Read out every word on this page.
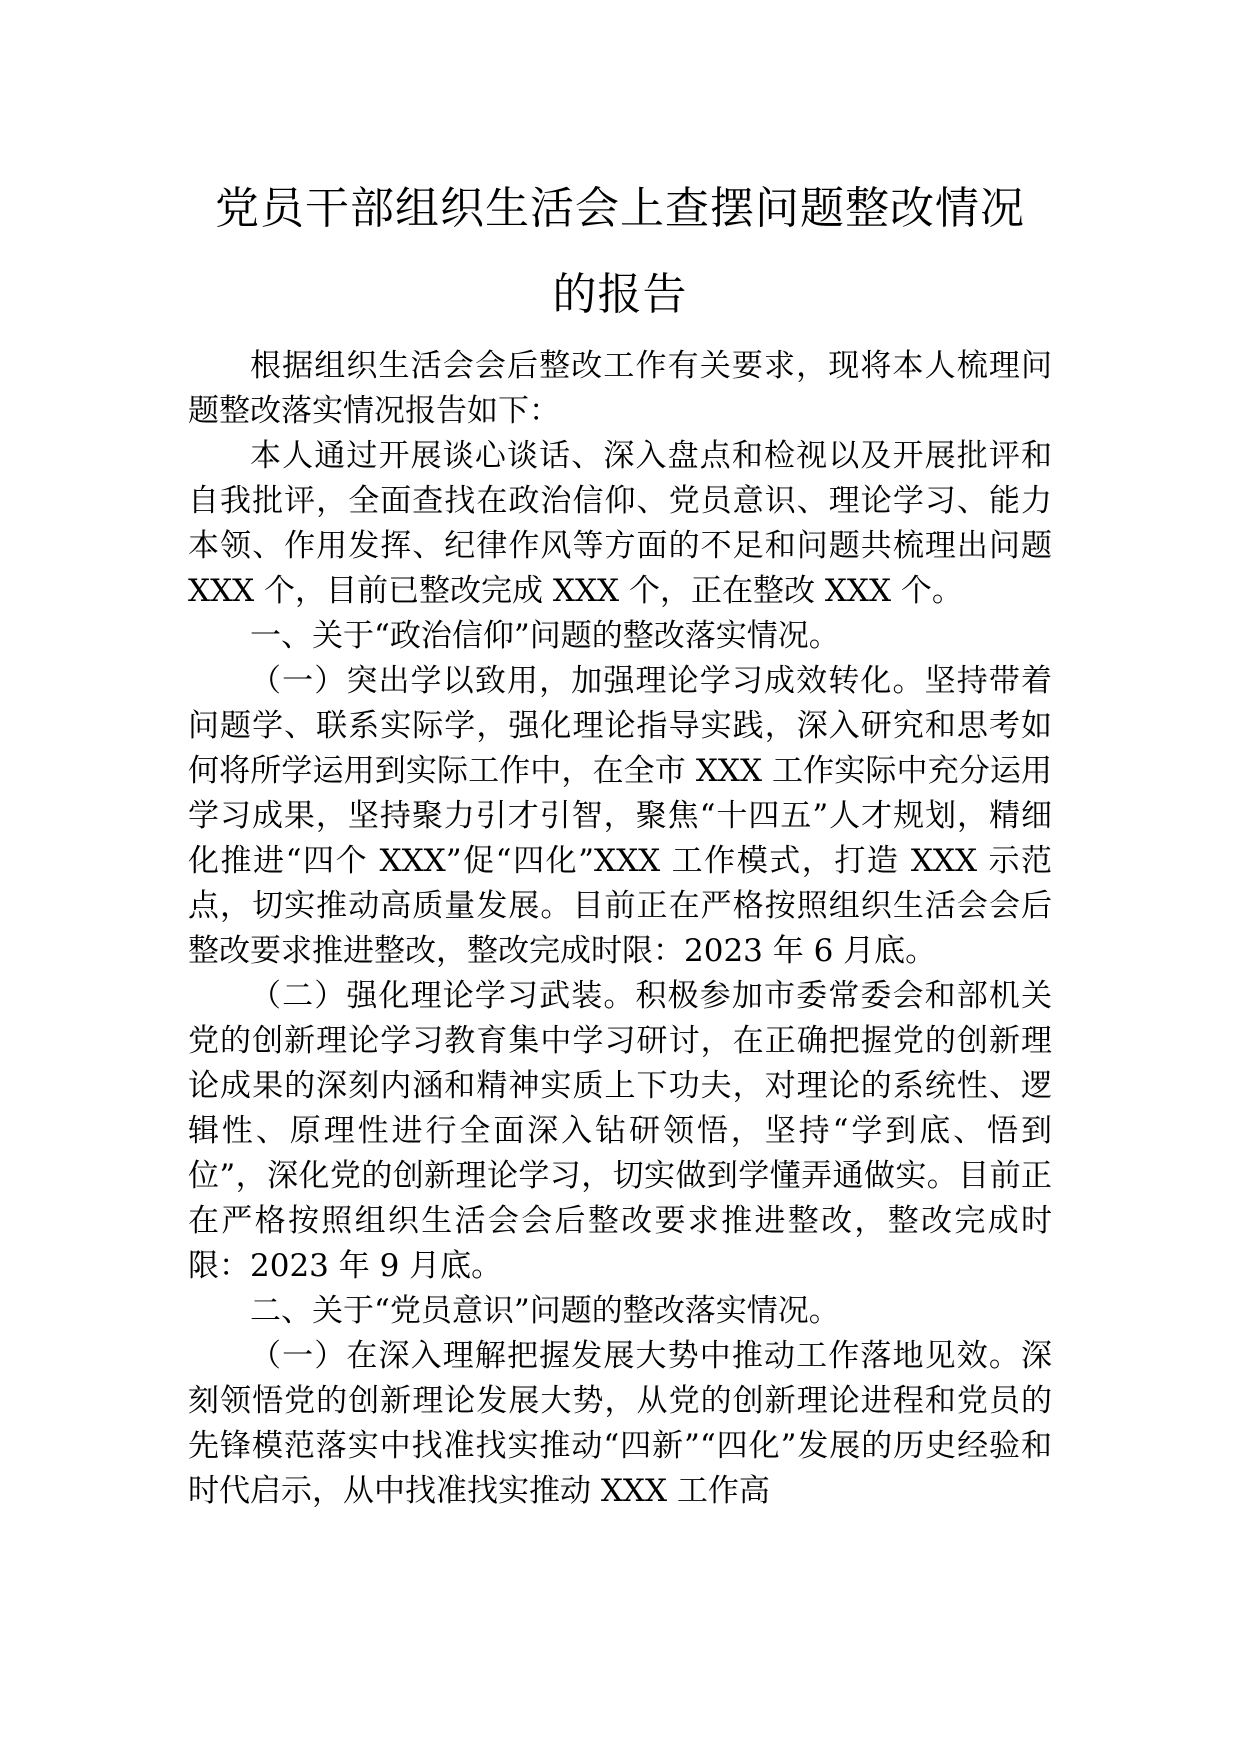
党员干部组织生活会上查摆问题整改情况
的报告

根据组织生活会会后整改工作有关要求，现将本人梳理问题整改落实情况报告如下：

本人通过开展谈心谈话、深入盘点和检视以及开展批评和自我批评，全面查找在政治信仰、党员意识、理论学习、能力本领、作用发挥、纪律作风等方面的不足和问题共梳理出问题 XXX 个，目前已整改完成 XXX 个，正在整改 XXX 个。

一、关于“政治信仰”问题的整改落实情况。

（一）突出学以致用，加强理论学习成效转化。坚持带着问题学、联系实际学，强化理论指导实践，深入研究和思考如何将所学运用到实际工作中，在全市 XXX 工作实际中充分运用学习成果，坚持聚力引才引智，聚焦“十四五”人才规划，精细化推进“四个 XXX”促“四化”XXX 工作模式，打造 XXX 示范点，切实推动高质量发展。目前正在严格按照组织生活会会后整改要求推进整改，整改完成时限：2023 年 6 月底。

（二）强化理论学习武装。积极参加市委常委会和部机关党的创新理论学习教育集中学习研讨，在正确把握党的创新理论成果的深刻内涵和精神实质上下功夫，对理论的系统性、逻辑性、原理性进行全面深入钻研领悟，坚持“学到底、悟到位”，深化党的创新理论学习，切实做到学懂弄通做实。目前正在严格按照组织生活会会后整改要求推进整改，整改完成时限：2023 年 9 月底。

二、关于“党员意识”问题的整改落实情况。

（一）在深入理解把握发展大势中推动工作落地见效。深刻领悟党的创新理论发展大势，从党的创新理论进程和党员的先锋模范落实中找准找实推动“四新”“四化”发展的历史经验和时代启示，从中找准找实推动 XXX 工作高
